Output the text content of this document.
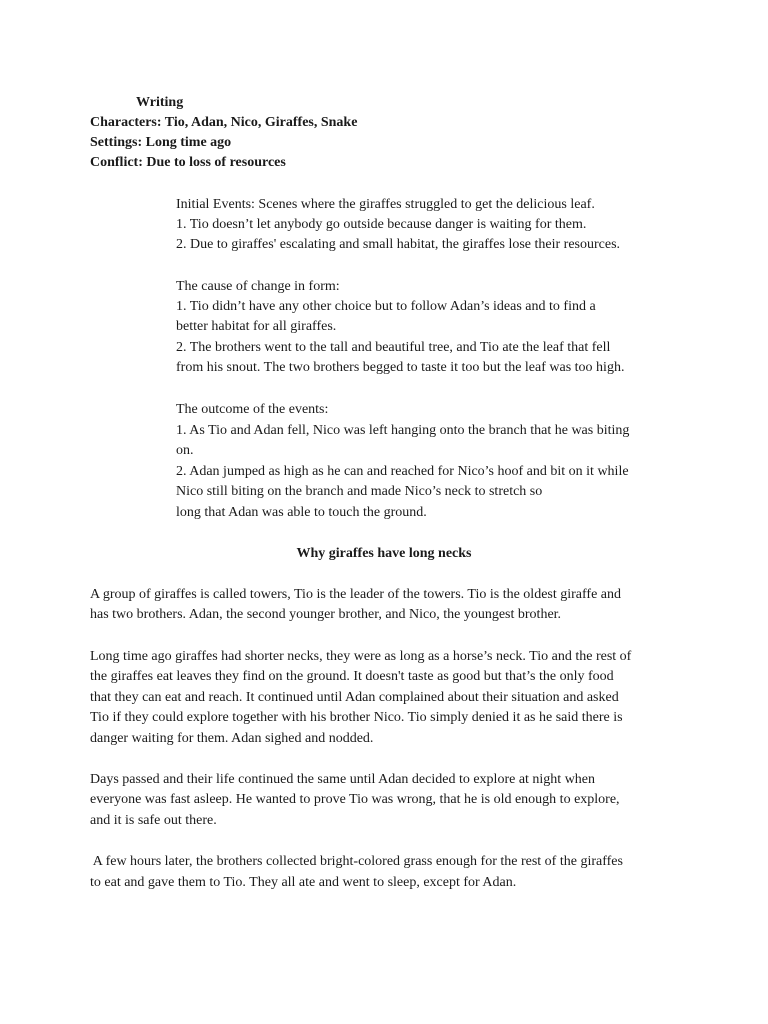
Writing
Characters: Tio, Adan, Nico, Giraffes, Snake
Settings: Long time ago
Conflict: Due to loss of resources
Initial Events: Scenes where the giraffes struggled to get the delicious leaf.
1. Tio doesn’t let anybody go outside because danger is waiting for them.
2. Due to giraffes' escalating and small habitat, the giraffes lose their resources.
The cause of change in form:
1. Tio didn’t have any other choice but to follow Adan’s ideas and to find a
better habitat for all giraffes.
2. The brothers went to the tall and beautiful tree, and Tio ate the leaf that fell
from his snout. The two brothers begged to taste it too but the leaf was too high.
The outcome of the events:
1. As Tio and Adan fell, Nico was left hanging onto the branch that he was biting
on.
2. Adan jumped as high as he can and reached for Nico’s hoof and bit on it while
Nico still biting on the branch and made Nico’s neck to stretch so
long that Adan was able to touch the ground.
Why giraffes have long necks
A group of giraffes is called towers, Tio is the leader of the towers. Tio is the oldest giraffe and
has two brothers. Adan, the second younger brother, and Nico, the youngest brother.
Long time ago giraffes had shorter necks, they were as long as a horse’s neck. Tio and the rest of
the giraffes eat leaves they find on the ground. It doesn't taste as good but that’s the only food
that they can eat and reach. It continued until Adan complained about their situation and asked
Tio if they could explore together with his brother Nico. Tio simply denied it as he said there is
danger waiting for them. Adan sighed and nodded.
Days passed and their life continued the same until Adan decided to explore at night when
everyone was fast asleep. He wanted to prove Tio was wrong, that he is old enough to explore,
and it is safe out there.
A few hours later, the brothers collected bright-colored grass enough for the rest of the giraffes
to eat and gave them to Tio. They all ate and went to sleep, except for Adan.
